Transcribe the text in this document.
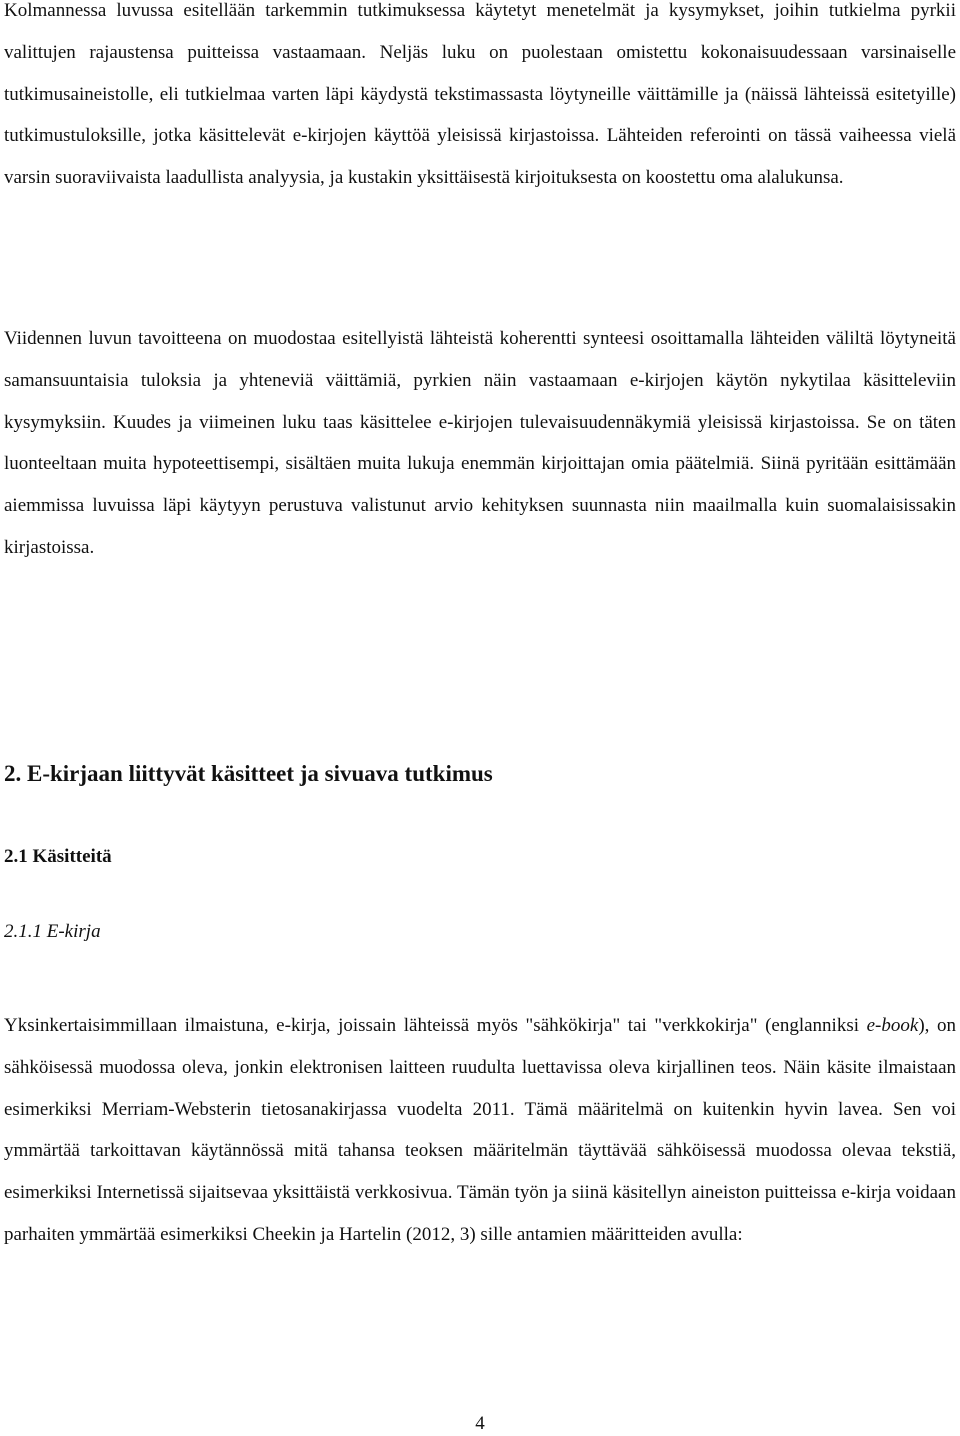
Kolmannessa luvussa esitellään tarkemmin tutkimuksessa käytetyt menetelmät ja kysymykset, joihin tutkielma pyrkii valittujen rajaustensa puitteissa vastaamaan. Neljäs luku on puolestaan omistettu kokonaisuudessaan varsinaiselle tutkimusaineistolle, eli tutkielmaa varten läpi käydystä tekstimassasta löytyneille väittämille ja (näissä lähteissä esitetyille) tutkimustuloksille, jotka käsittelevät e-kirjojen käyttöä yleisissä kirjastoissa. Lähteiden referointi on tässä vaiheessa vielä varsin suoraviivaista laadullista analyysia, ja kustakin yksittäisestä kirjoituksesta on koostettu oma alalukunsa.

Viidennen luvun tavoitteena on muodostaa esitellyistä lähteistä koherentti synteesi osoittamalla lähteiden väliltä löytyneitä samansuuntaisia tuloksia ja yhteneviä väittämiä, pyrkien näin vastaamaan e-kirjojen käytön nykytilaa käsitteleviin kysymyksiin. Kuudes ja viimeinen luku taas käsittelee e-kirjojen tulevaisuudennäkymiä yleisissä kirjastoissa. Se on täten luonteeltaan muita hypoteettisempi, sisältäen muita lukuja enemmän kirjoittajan omia päätelmiä. Siinä pyritään esittämään aiemmissa luvuissa läpi käytyyn perustuva valistunut arvio kehityksen suunnasta niin maailmalla kuin suomalaisissakin kirjastoissa.

2. E-kirjaan liittyvät käsitteet ja sivuava tutkimus
2.1 Käsitteitä
2.1.1 E-kirja

Yksinkertaisimmillaan ilmaistuna, e-kirja, joissain lähteissä myös "sähkökirja" tai "verkkokirja" (englanniksi e-book), on sähköisessä muodossa oleva, jonkin elektronisen laitteen ruudulta luettavissa oleva kirjallinen teos. Näin käsite ilmaistaan esimerkiksi Merriam-Websterin tietosanakirjassa vuodelta 2011. Tämä määritelmä on kuitenkin hyvin lavea. Sen voi ymmärtää tarkoittavan käytännössä mitä tahansa teoksen määritelmän täyttävää sähköisessä muodossa olevaa tekstiä, esimerkiksi Internetissä sijaitsevaa yksittäistä verkkosivua. Tämän työn ja siinä käsitellyn aineiston puitteissa e-kirja voidaan parhaiten ymmärtää esimerkiksi Cheekin ja Hartelin (2012, 3) sille antamien määritteiden avulla:

4
